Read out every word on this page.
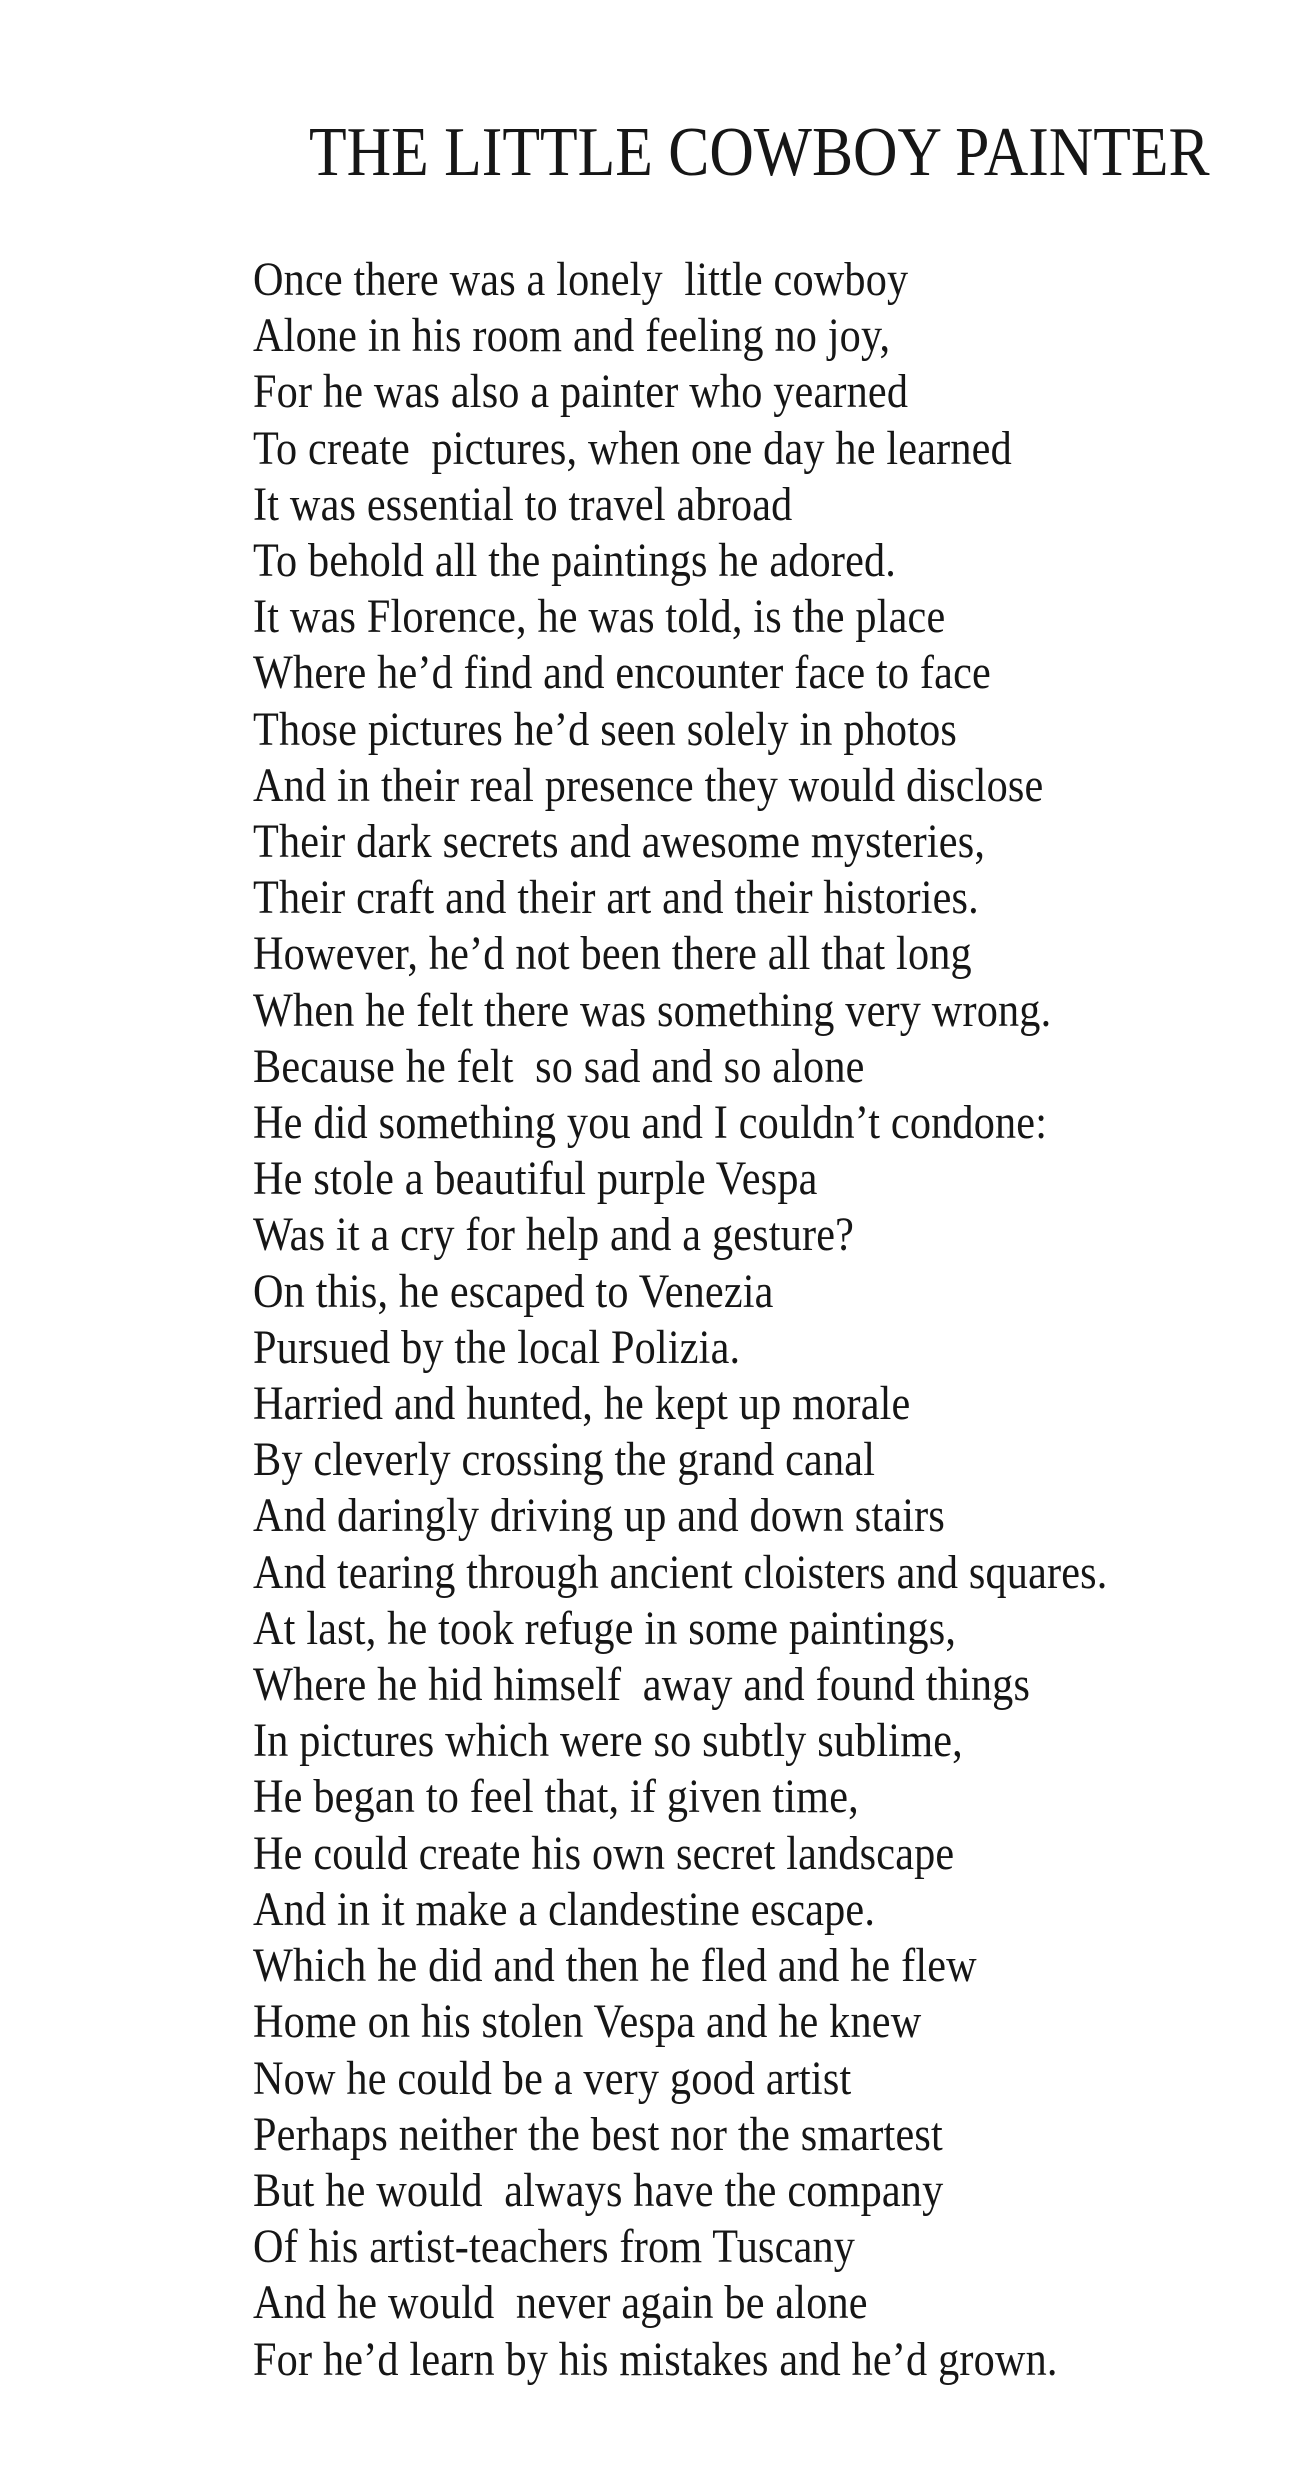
THE LITTLE COWBOY PAINTER
Once there was a lonely  little cowboy
Alone in his room and feeling no joy,
For he was also a painter who yearned
To create  pictures, when one day he learned
It was essential to travel abroad
To behold all the paintings he adored.
It was Florence, he was told, is the place
Where he’d find and encounter face to face
Those pictures he’d seen solely in photos
And in their real presence they would disclose
Their dark secrets and awesome mysteries,
Their craft and their art and their histories.
However, he’d not been there all that long
When he felt there was something very wrong.
Because he felt  so sad and so alone
He did something you and I couldn’t condone:
He stole a beautiful purple Vespa
Was it a cry for help and a gesture?
On this, he escaped to Venezia
Pursued by the local Polizia.
Harried and hunted, he kept up morale
By cleverly crossing the grand canal
And daringly driving up and down stairs
And tearing through ancient cloisters and squares.
At last, he took refuge in some paintings,
Where he hid himself  away and found things
In pictures which were so subtly sublime,
He began to feel that, if given time,
He could create his own secret landscape
And in it make a clandestine escape.
Which he did and then he fled and he flew
Home on his stolen Vespa and he knew
Now he could be a very good artist
Perhaps neither the best nor the smartest
But he would  always have the company
Of his artist-teachers from Tuscany
And he would  never again be alone
For he’d learn by his mistakes and he’d grown.
